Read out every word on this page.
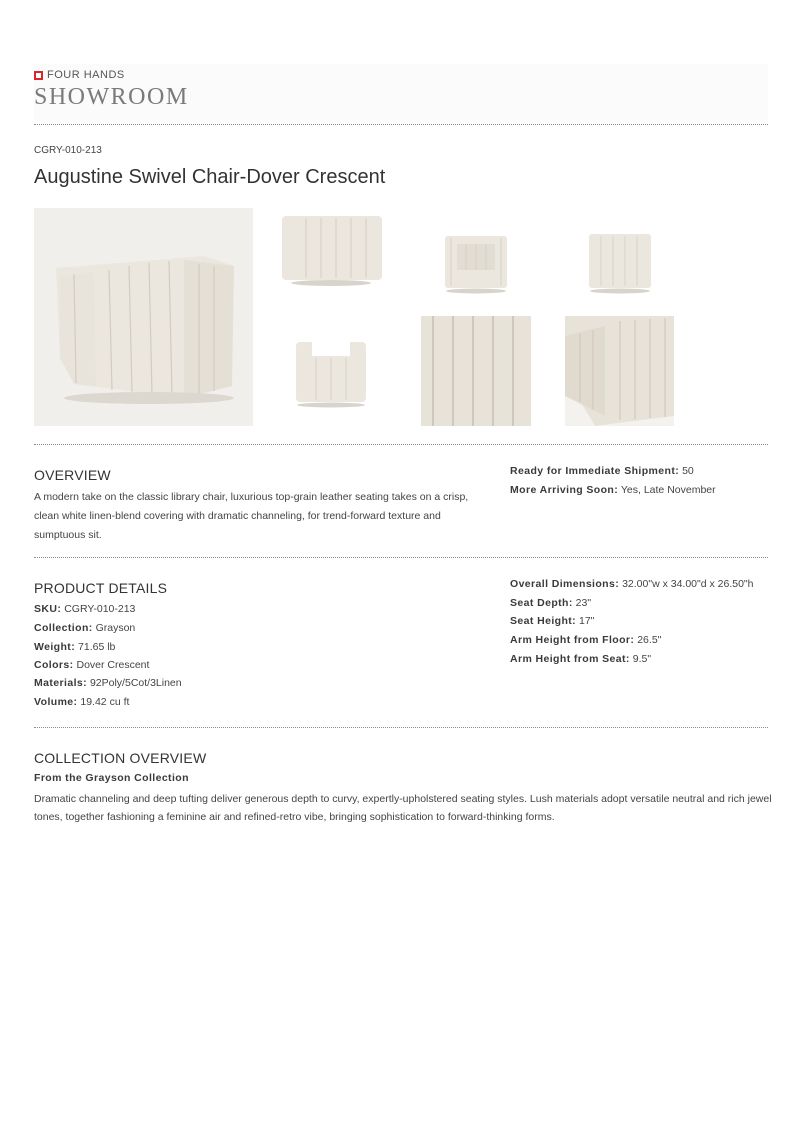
FOUR HANDS
SHOWROOM
CGRY-010-213
Augustine Swivel Chair-Dover Crescent
OVERVIEW
A modern take on the classic library chair, luxurious top-grain leather seating takes on a crisp, clean white linen-blend covering with dramatic channeling, for trend-forward texture and sumptuous sit.
Ready for Immediate Shipment: 50
More Arriving Soon: Yes, Late November
PRODUCT DETAILS
SKU: CGRY-010-213
Collection: Grayson
Weight: 71.65 lb
Colors: Dover Crescent
Materials: 92Poly/5Cot/3Linen
Volume: 19.42 cu ft
Overall Dimensions: 32.00"w x 34.00"d x 26.50"h
Seat Depth: 23"
Seat Height: 17"
Arm Height from Floor: 26.5"
Arm Height from Seat: 9.5"
COLLECTION OVERVIEW
From the Grayson Collection
Dramatic channeling and deep tufting deliver generous depth to curvy, expertly-upholstered seating styles. Lush materials adopt versatile neutral and rich jewel tones, together fashioning a feminine air and refined-retro vibe, bringing sophistication to forward-thinking forms.
